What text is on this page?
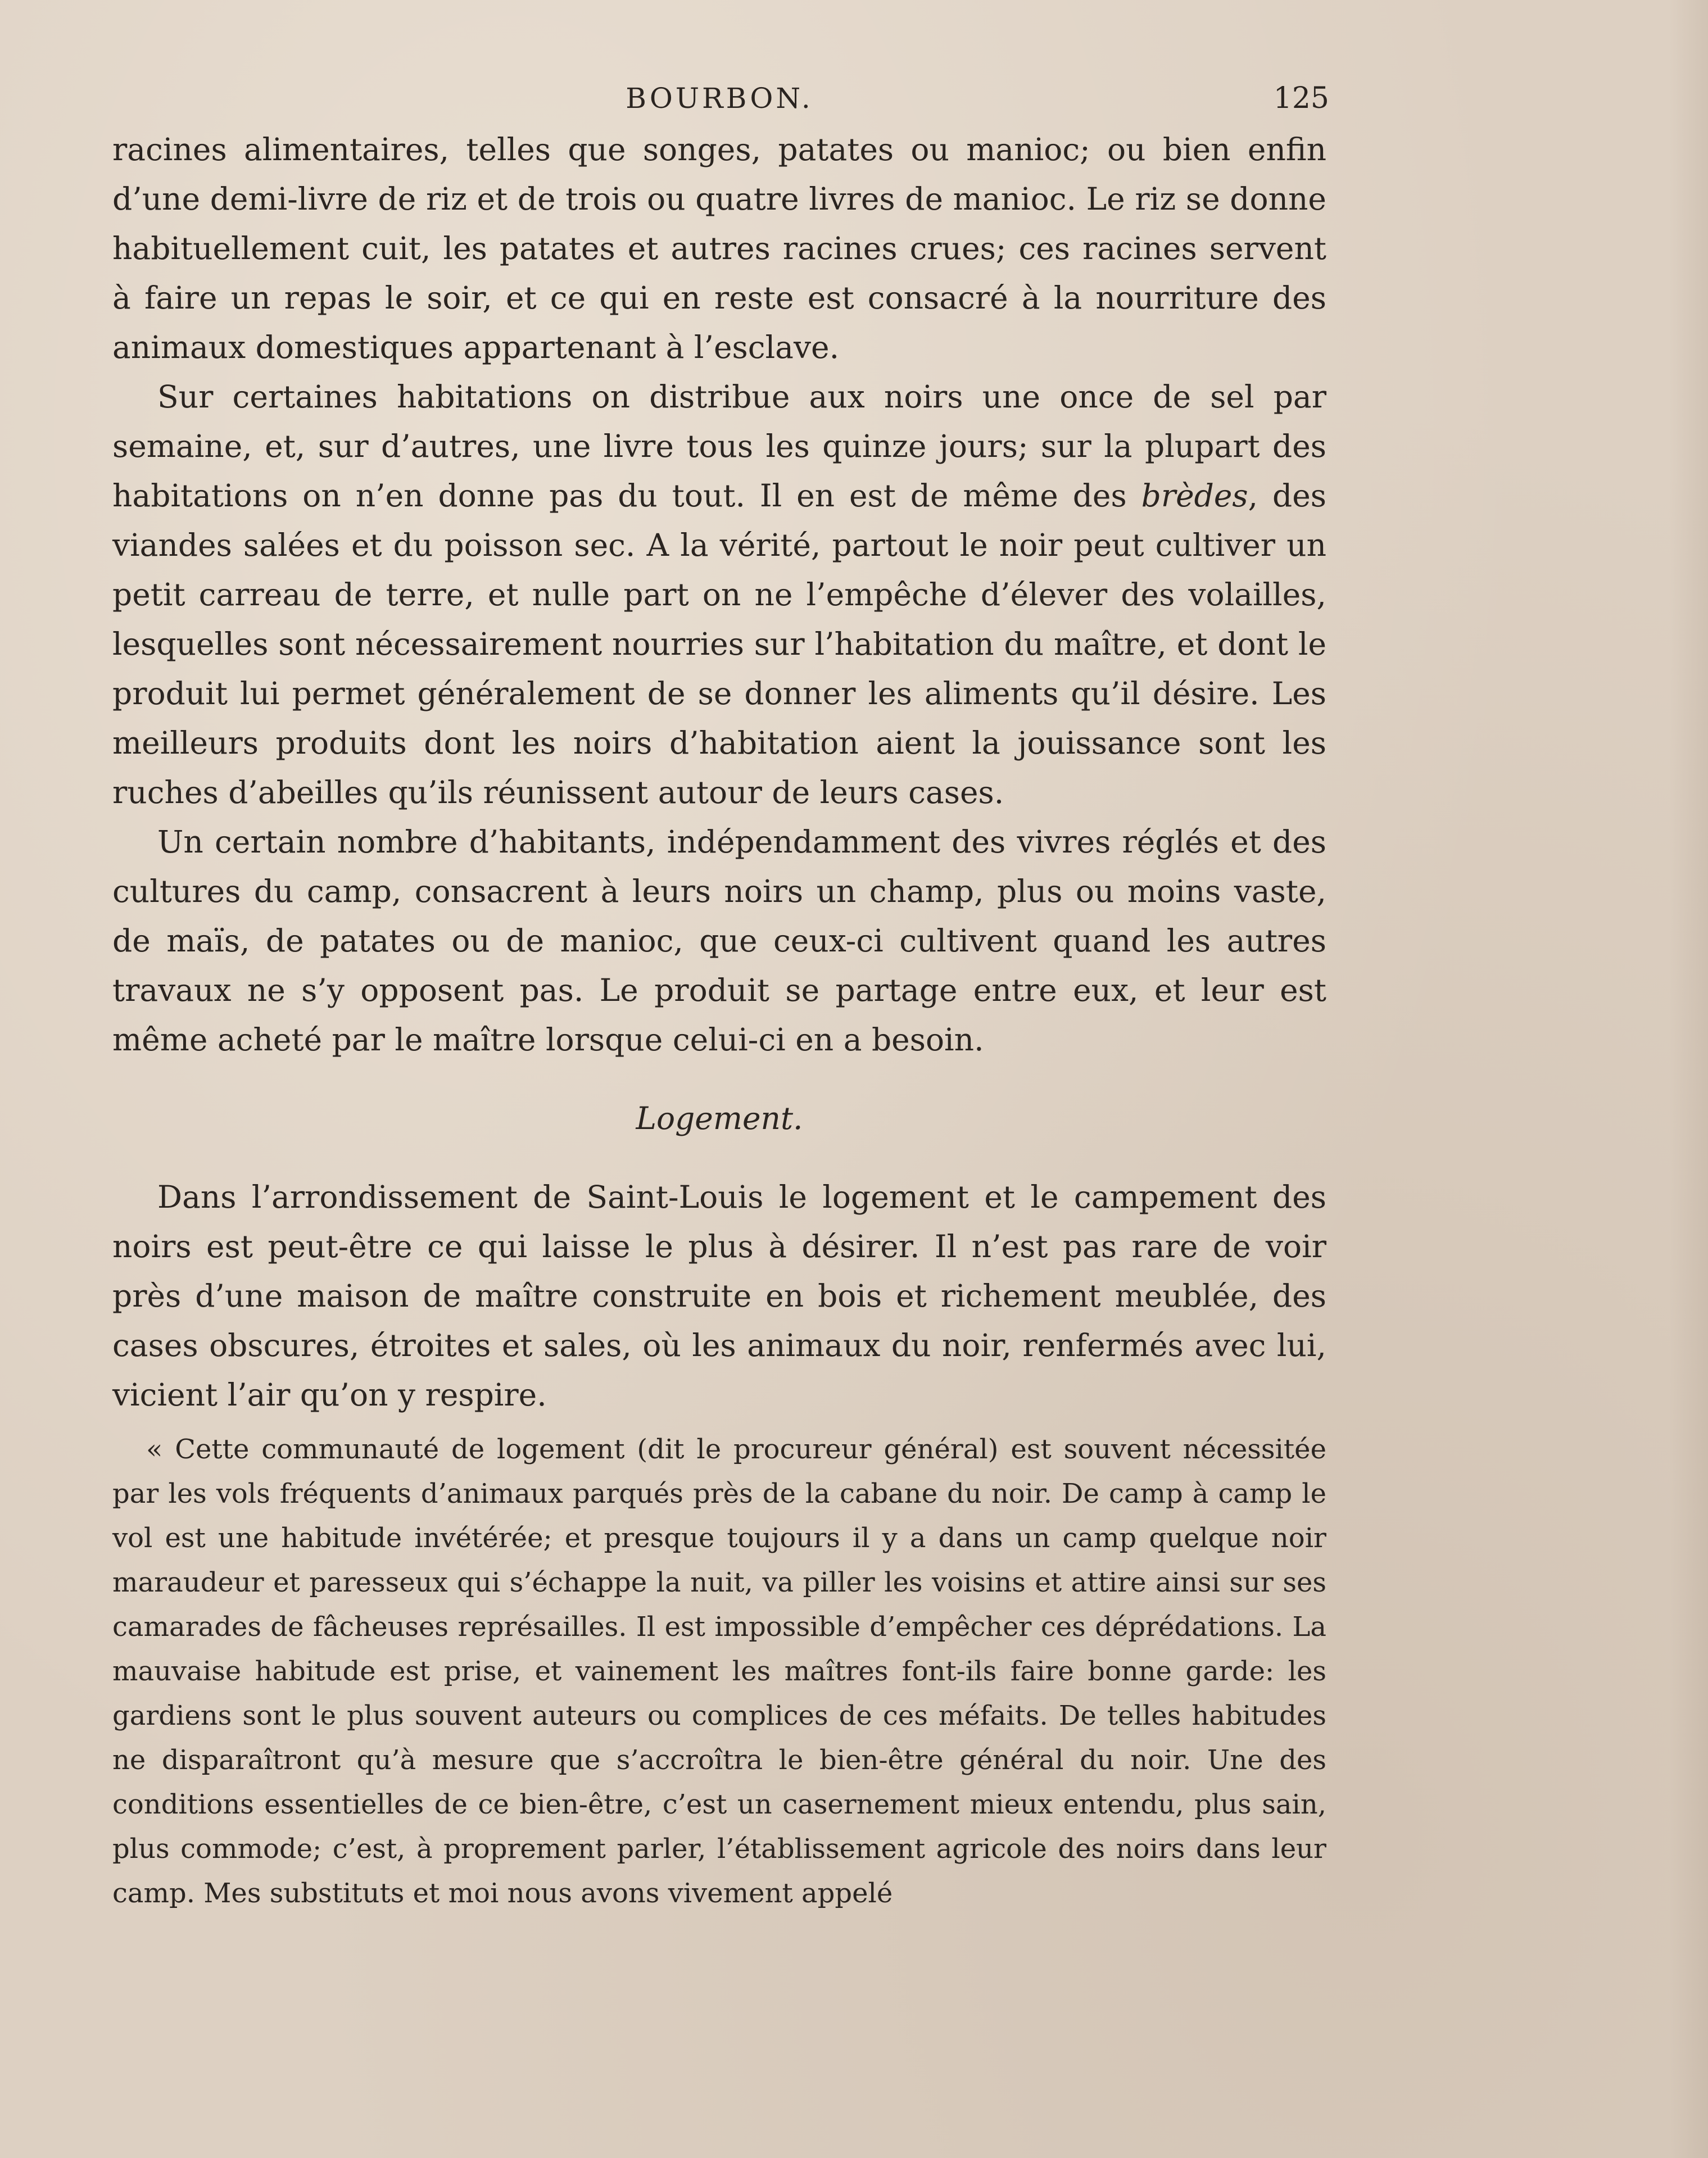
BOURBON.	125

racines alimentaires, telles que songes, patates ou manioc; ou bien enfin d’une demi-livre de riz et de trois ou quatre livres de manioc. Le riz se donne habituellement cuit, les patates et autres racines crues; ces racines servent à faire un repas le soir, et ce qui en reste est consacré à la nourriture des animaux domestiques appartenant à l’esclave.

Sur certaines habitations on distribue aux noirs une once de sel par semaine, et, sur d’autres, une livre tous les quinze jours; sur la plupart des habitations on n’en donne pas du tout. Il en est de même des brèdes, des viandes salées et du poisson sec. A la vérité, partout le noir peut cultiver un petit carreau de terre, et nulle part on ne l’empêche d’élever des volailles, lesquelles sont nécessairement nourries sur l’habitation du maître, et dont le produit lui permet généralement de se donner les aliments qu’il désire. Les meilleurs produits dont les noirs d’habitation aient la jouissance sont les ruches d’abeilles qu’ils réunissent autour de leurs cases.

Un certain nombre d’habitants, indépendamment des vivres réglés et des cultures du camp, consacrent à leurs noirs un champ, plus ou moins vaste, de maïs, de patates ou de manioc, que ceux-ci cultivent quand les autres travaux ne s’y opposent pas. Le produit se partage entre eux, et leur est même acheté par le maître lorsque celui-ci en a besoin.

Logement.

Dans l’arrondissement de Saint-Louis le logement et le campement des noirs est peut-être ce qui laisse le plus à désirer. Il n’est pas rare de voir près d’une maison de maître construite en bois et richement meublée, des cases obscures, étroites et sales, où les animaux du noir, renfermés avec lui, vicient l’air qu’on y respire.

« Cette communauté de logement (dit le procureur général) est souvent nécessitée par les vols fréquents d’animaux parqués près de la cabane du noir. De camp à camp le vol est une habitude invétérée; et presque toujours il y a dans un camp quelque noir maraudeur et paresseux qui s’échappe la nuit, va piller les voisins et attire ainsi sur ses camarades de fâcheuses représailles. Il est impossible d’empêcher ces déprédations. La mauvaise habitude est prise, et vainement les maîtres font-ils faire bonne garde: les gardiens sont le plus souvent auteurs ou complices de ces méfaits. De telles habitudes ne disparaîtront qu’à mesure que s’accroîtra le bien-être général du noir. Une des conditions essentielles de ce bien-être, c’est un casernement mieux entendu, plus sain, plus commode; c’est, à proprement parler, l’établissement agricole des noirs dans leur camp. Mes substituts et moi nous avons vivement appelé
